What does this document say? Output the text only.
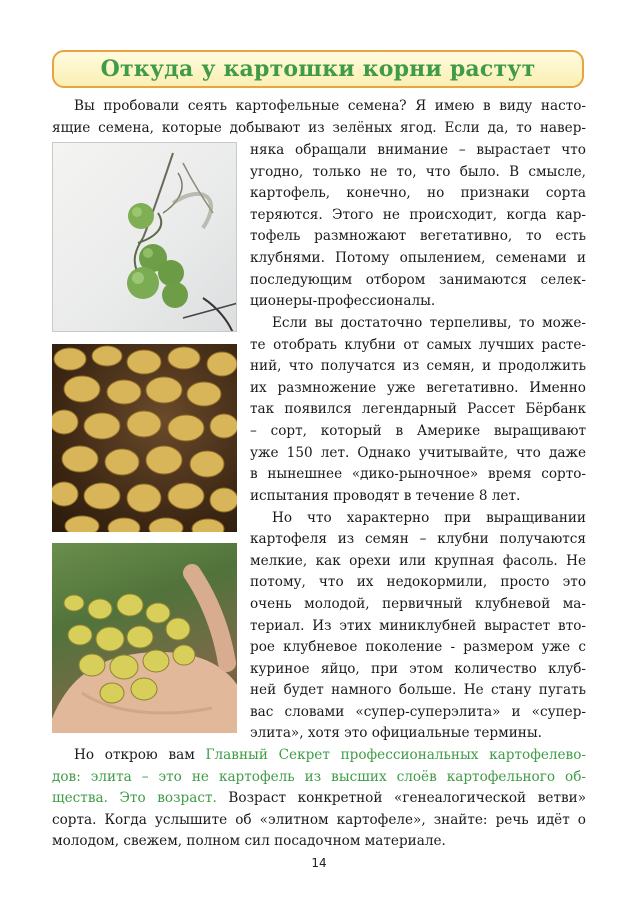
Откуда у картошки корни растут

Вы пробовали сеять картофельные семена? Я имею в виду насто-

ящие семена, которые добывают из зелёных ягод. Если да, то навер-

няка обращали внимание – вырастает что

угодно, только не то, что было. В смысле,

картофель, конечно, но признаки сорта

теряются. Этого не происходит, когда кар-

тофель размножают вегетативно, то есть

клубнями. Потому опылением, семенами и

последующим отбором занимаются селек-

ционеры-профессионалы.

Если вы достаточно терпеливы, то може-

те отобрать клубни от самых лучших расте-

ний, что получатся из семян, и продолжить

их размножение уже вегетативно. Именно

так появился легендарный Рассет Бёрбанк

– сорт, который в Америке выращивают

уже 150 лет. Однако учитывайте, что даже

в нынешнее «дико-рыночное» время сорто-

испытания проводят в течение 8 лет.

Но что характерно при выращивании

картофеля из семян – клубни получаются

мелкие, как орехи или крупная фасоль. Не

потому, что их недокормили, просто это

очень молодой, первичный клубневой ма-

териал. Из этих миниклубней вырастет вто-

рое клубневое поколение - размером уже с

куриное яйцо, при этом количество клуб-

ней будет намного больше. Не стану пугать

вас словами «супер-суперэлита» и «супер-

элита», хотя это официальные термины.

Но открою вам Главный Секрет профессиональных картофелево-

дов: элита – это не картофель из высших слоёв картофельного об-

щества. Это возраст. Возраст конкретной «генеалогической ветви»

сорта. Когда услышите об «элитном картофеле», знайте: речь идёт о

молодом, свежем, полном сил посадочном материале.

14
